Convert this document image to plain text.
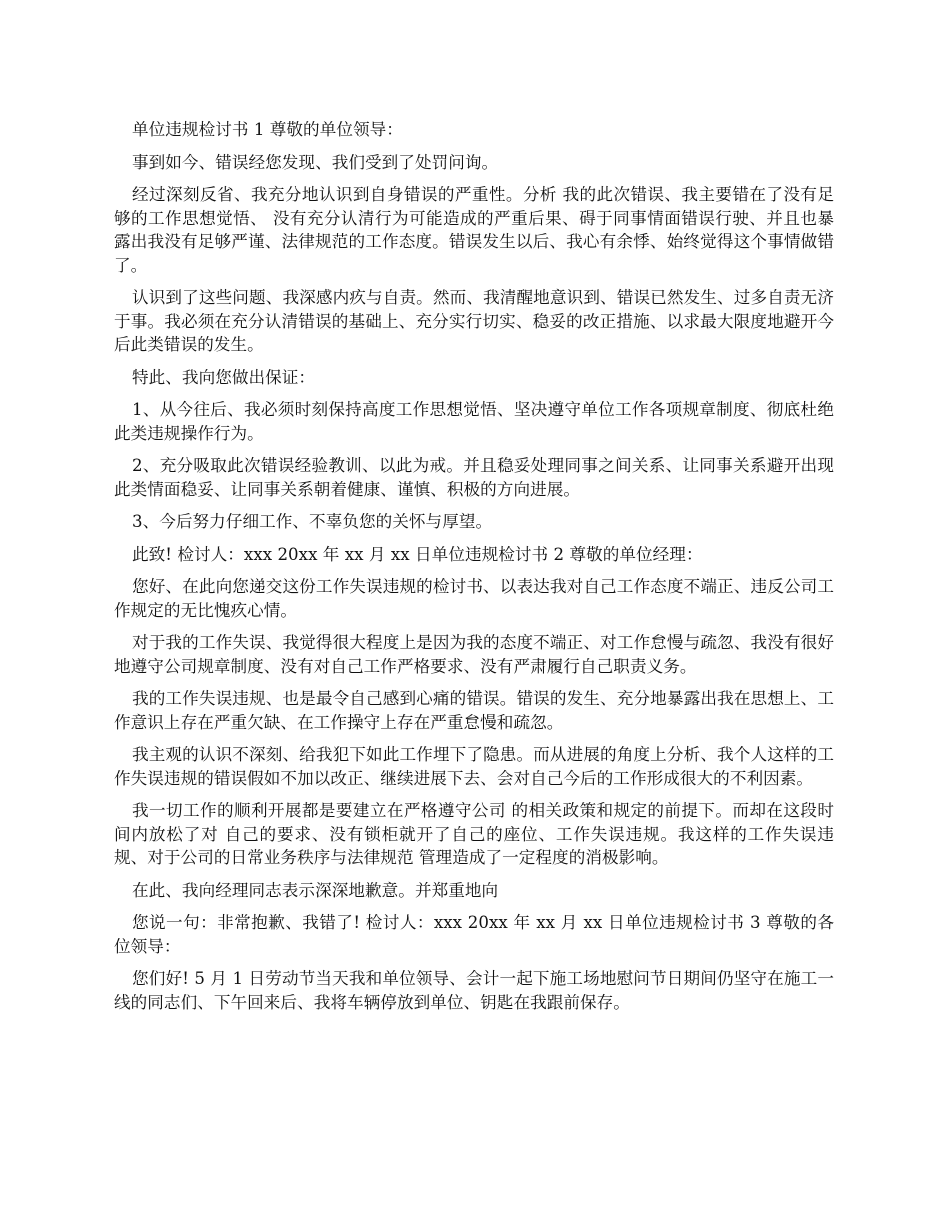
单位违规检讨书 1 尊敬的单位领导：

事到如今、错误经您发现、我们受到了处罚问询。

经过深刻反省、我充分地认识到自身错误的严重性。分析 我的此次错误、我主要错在了没有足够的工作思想觉悟、 没有充分认清行为可能造成的严重后果、碍于同事情面错误行驶、并且也暴露出我没有足够严谨、法律规范的工作态度。错误发生以后、我心有余悸、始终觉得这个事情做错了。

认识到了这些问题、我深感内疚与自责。然而、我清醒地意识到、错误已然发生、过多自责无济于事。我必须在充分认清错误的基础上、充分实行切实、稳妥的改正措施、以求最大限度地避开今后此类错误的发生。

特此、我向您做出保证：

1、从今往后、我必须时刻保持高度工作思想觉悟、坚决遵守单位工作各项规章制度、彻底杜绝此类违规操作行为。

2、充分吸取此次错误经验教训、以此为戒。并且稳妥处理同事之间关系、让同事关系避开出现此类情面稳妥、让同事关系朝着健康、谨慎、积极的方向进展。

3、今后努力仔细工作、不辜负您的关怀与厚望。

此致! 检讨人：xxx 20xx 年 xx 月 xx 日单位违规检讨书 2 尊敬的单位经理：

您好、在此向您递交这份工作失误违规的检讨书、以表达我对自己工作态度不端正、违反公司工作规定的无比愧疚心情。

对于我的工作失误、我觉得很大程度上是因为我的态度不端正、对工作怠慢与疏忽、我没有很好地遵守公司规章制度、没有对自己工作严格要求、没有严肃履行自己职责义务。

我的工作失误违规、也是最令自己感到心痛的错误。错误的发生、充分地暴露出我在思想上、工作意识上存在严重欠缺、在工作操守上存在严重怠慢和疏忽。

我主观的认识不深刻、给我犯下如此工作埋下了隐患。而从进展的角度上分析、我个人这样的工作失误违规的错误假如不加以改正、继续进展下去、会对自己今后的工作形成很大的不利因素。

我一切工作的顺利开展都是要建立在严格遵守公司 的相关政策和规定的前提下。而却在这段时间内放松了对 自己的要求、没有锁柜就开了自己的座位、工作失误违规。我这样的工作失误违规、对于公司的日常业务秩序与法律规范 管理造成了一定程度的消极影响。

在此、我向经理同志表示深深地歉意。并郑重地向

您说一句：非常抱歉、我错了! 检讨人：xxx 20xx 年 xx 月 xx 日单位违规检讨书 3 尊敬的各位领导：

您们好! 5 月 1 日劳动节当天我和单位领导、会计一起下施工场地慰问节日期间仍坚守在施工一线的同志们、下午回来后、我将车辆停放到单位、钥匙在我跟前保存。
